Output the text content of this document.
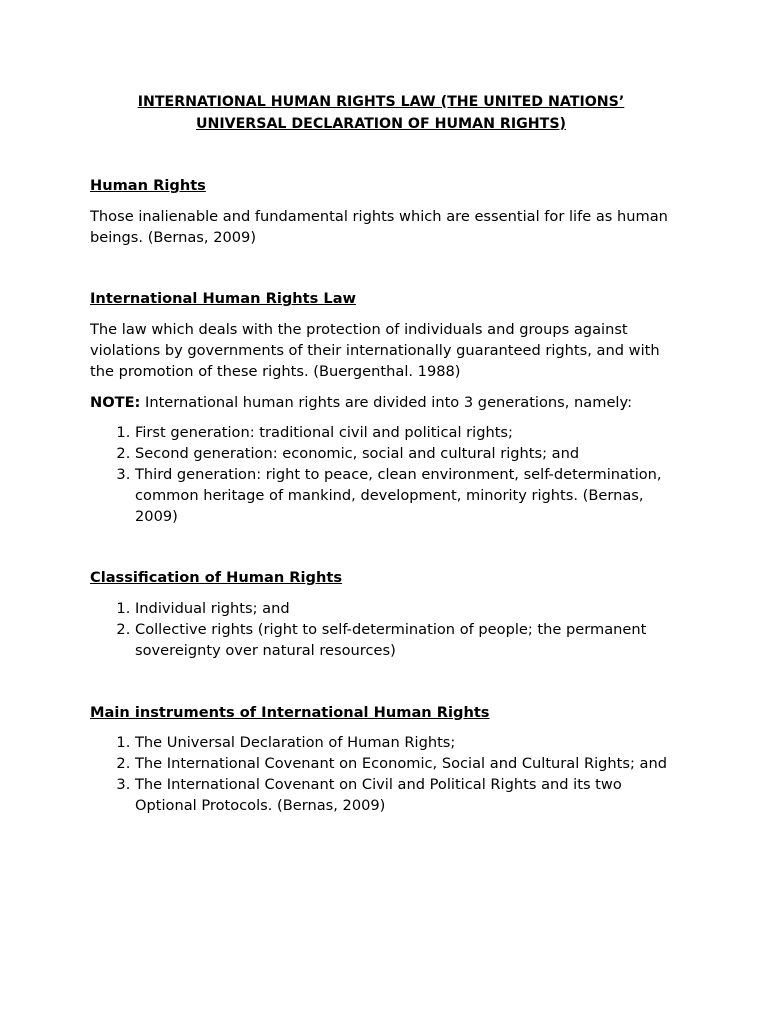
INTERNATIONAL HUMAN RIGHTS LAW (THE UNITED NATIONS’
UNIVERSAL DECLARATION OF HUMAN RIGHTS)
Human Rights

Those inalienable and fundamental rights which are essential for life as human beings. (Bernas, 2009)

International Human Rights Law

The law which deals with the protection of individuals and groups against violations by governments of their internationally guaranteed rights, and with the promotion of these rights. (Buergenthal. 1988)

NOTE: International human rights are divided into 3 generations, namely:

1. First generation: traditional civil and political rights;
2. Second generation: economic, social and cultural rights; and
3. Third generation: right to peace, clean environment, self-determination, common heritage of mankind, development, minority rights. (Bernas, 2009)
Classification of Human Rights
1. Individual rights; and
2. Collective rights (right to self-determination of people; the permanent sovereignty over natural resources)
Main instruments of International Human Rights
1. The Universal Declaration of Human Rights;
2. The International Covenant on Economic, Social and Cultural Rights; and
3. The International Covenant on Civil and Political Rights and its two Optional Protocols. (Bernas, 2009)
